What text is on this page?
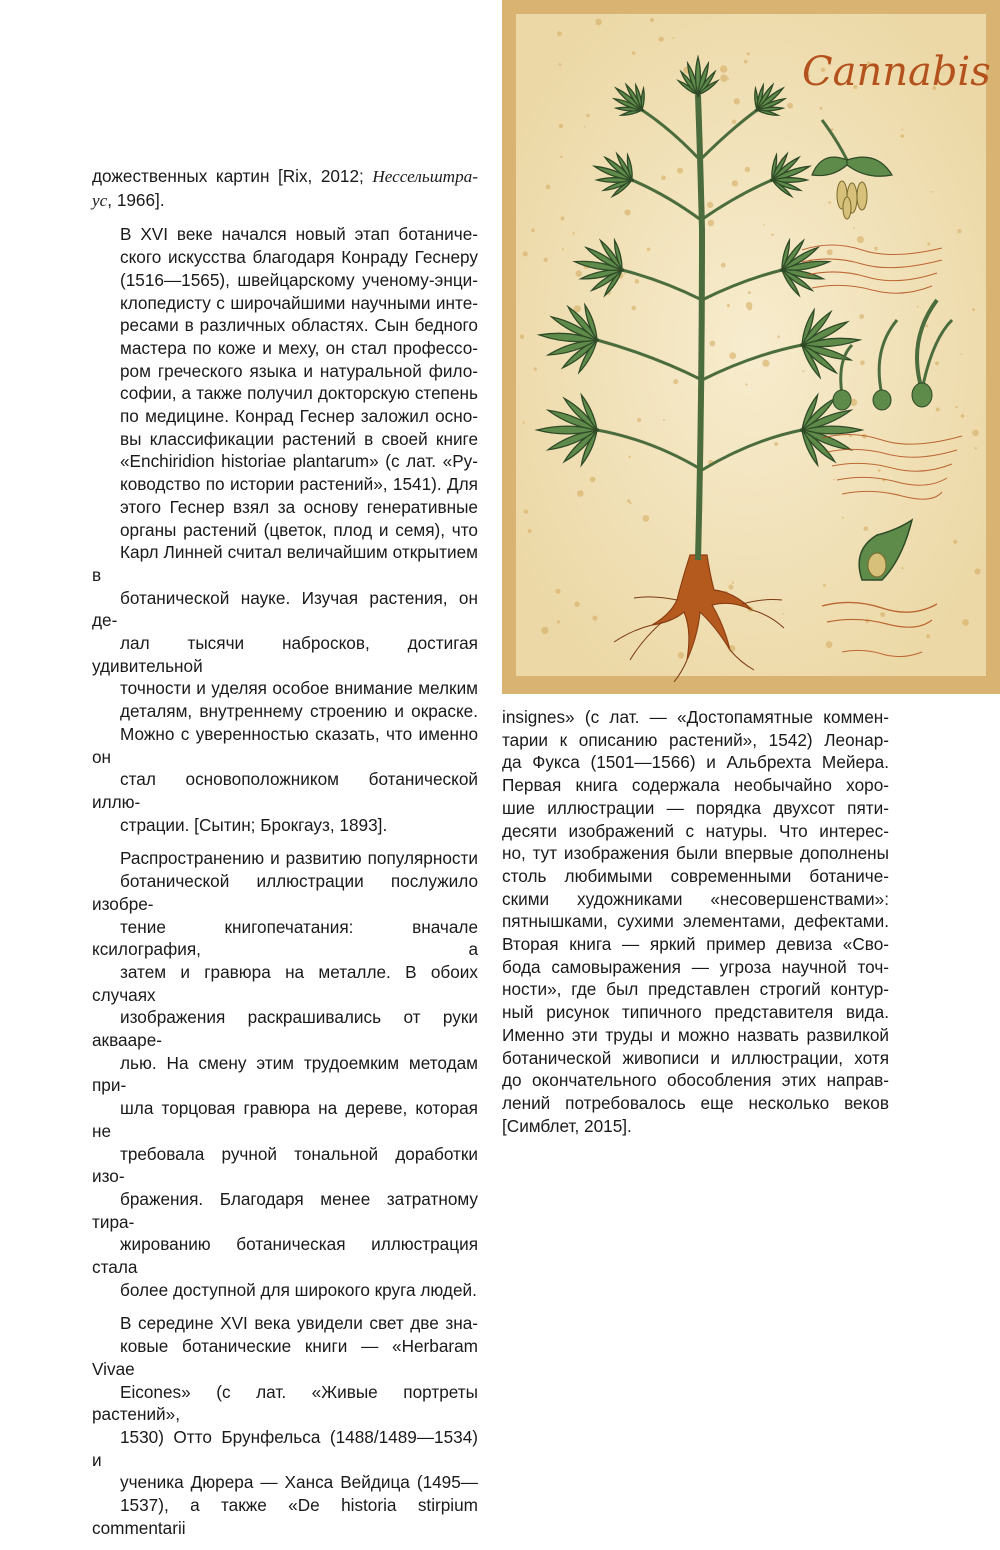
Cannabis

дожественных картин [Rix, 2012; Нессельштра-
ус, 1966].

В XVI веке начался новый этап ботаниче-
ского искусства благодаря Конраду Геснеру
(1516—1565), швейцарскому ученому-энци-
клопедисту с широчайшими научными инте-
ресами в различных областях. Сын бедного
мастера по коже и меху, он стал профессо-
ром греческого языка и натуральной фило-
софии, а также получил докторскую степень
по медицине. Конрад Геснер заложил осно-
вы классификации растений в своей книге
«Enchiridion historiae plantarum» (с лат. «Ру-
ководство по истории растений», 1541). Для
этого Геснер взял за основу генеративные
органы растений (цветок, плод и семя), что
Карл Линней считал величайшим открытием в
ботанической науке. Изучая растения, он де-
лал тысячи набросков, достигая удивительной
точности и уделяя особое внимание мелким
деталям, внутреннему строению и окраске.
Можно с уверенностью сказать, что именно он
стал основоположником ботанической иллю-
страции. [Сытин; Брокгауз, 1893].

Распространению и развитию популярности
ботанической иллюстрации послужило изобре-
тение книгопечатания: вначале ксилография, а
затем и гравюра на металле. В обоих случаях
изображения раскрашивались от руки аквааре-
лью. На смену этим трудоемким методам при-
шла торцовая гравюра на дереве, которая не
требовала ручной тональной доработки изо-
бражения. Благодаря менее затратному тира-
жированию ботаническая иллюстрация стала
более доступной для широкого круга людей.

В середине XVI века увидели свет две зна-
ковые ботанические книги — «Herbaram Vivae
Eicones» (с лат. «Живые портреты растений»,
1530) Отто Брунфельса (1488/1489—1534) и
ученика Дюрера — Ханса Вейдица (1495—
1537), а также «De historia stirpium commentarii

insignes» (с лат. — «Достопамятные коммен-
тарии к описанию растений», 1542) Леонар-
да Фукса (1501—1566) и Альбрехта Мейера.
Первая книга содержала необычайно хоро-
шие иллюстрации — порядка двухсот пяти-
десяти изображений с натуры. Что интерес-
но, тут изображения были впервые дополнены
столь любимыми современными ботаниче-
скими художниками «несовершенствами»:
пятнышками, сухими элементами, дефектами.
Вторая книга — яркий пример девиза «Сво-
бода самовыражения — угроза научной точ-
ности», где был представлен строгий контур-
ный рисунок типичного представителя вида.
Именно эти труды и можно назвать развилкой
ботанической живописи и иллюстрации, хотя
до окончательного обособления этих направ-
лений потребовалось еще несколько веков
[Симблет, 2015].
